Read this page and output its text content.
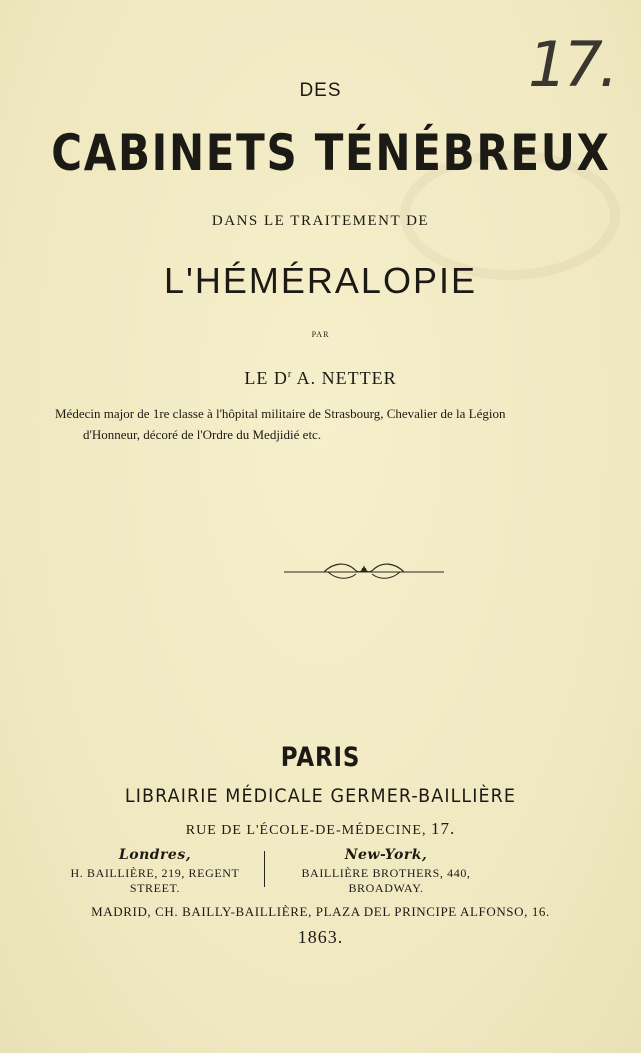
17.
DES
CABINETS TÉNÉBREUX
DANS LE TRAITEMENT DE
L'HÉMÉRALOPIE
PAR
LE $D^r$ A. NETTER
Médecin major de 1re classe à l'hôpital militaire de Strasbourg, Chevalier de la Légion
d'Honneur, décoré de l'Ordre du Medjidié etc.
PARIS
LIBRAIRIE MÉDICALE GERMER-BAILLIÈRE
RUE DE L'ÉCOLE-DE-MÉDECINE, 17.
Londres,
H. BAILLIÈRE, 219, REGENT STREET.
New-York,
BAILLIÈRE BROTHERS, 440, BROADWAY.
MADRID, CH. BAILLY-BAILLIÈRE, PLAZA DEL PRINCIPE ALFONSO, 16.
1863.
